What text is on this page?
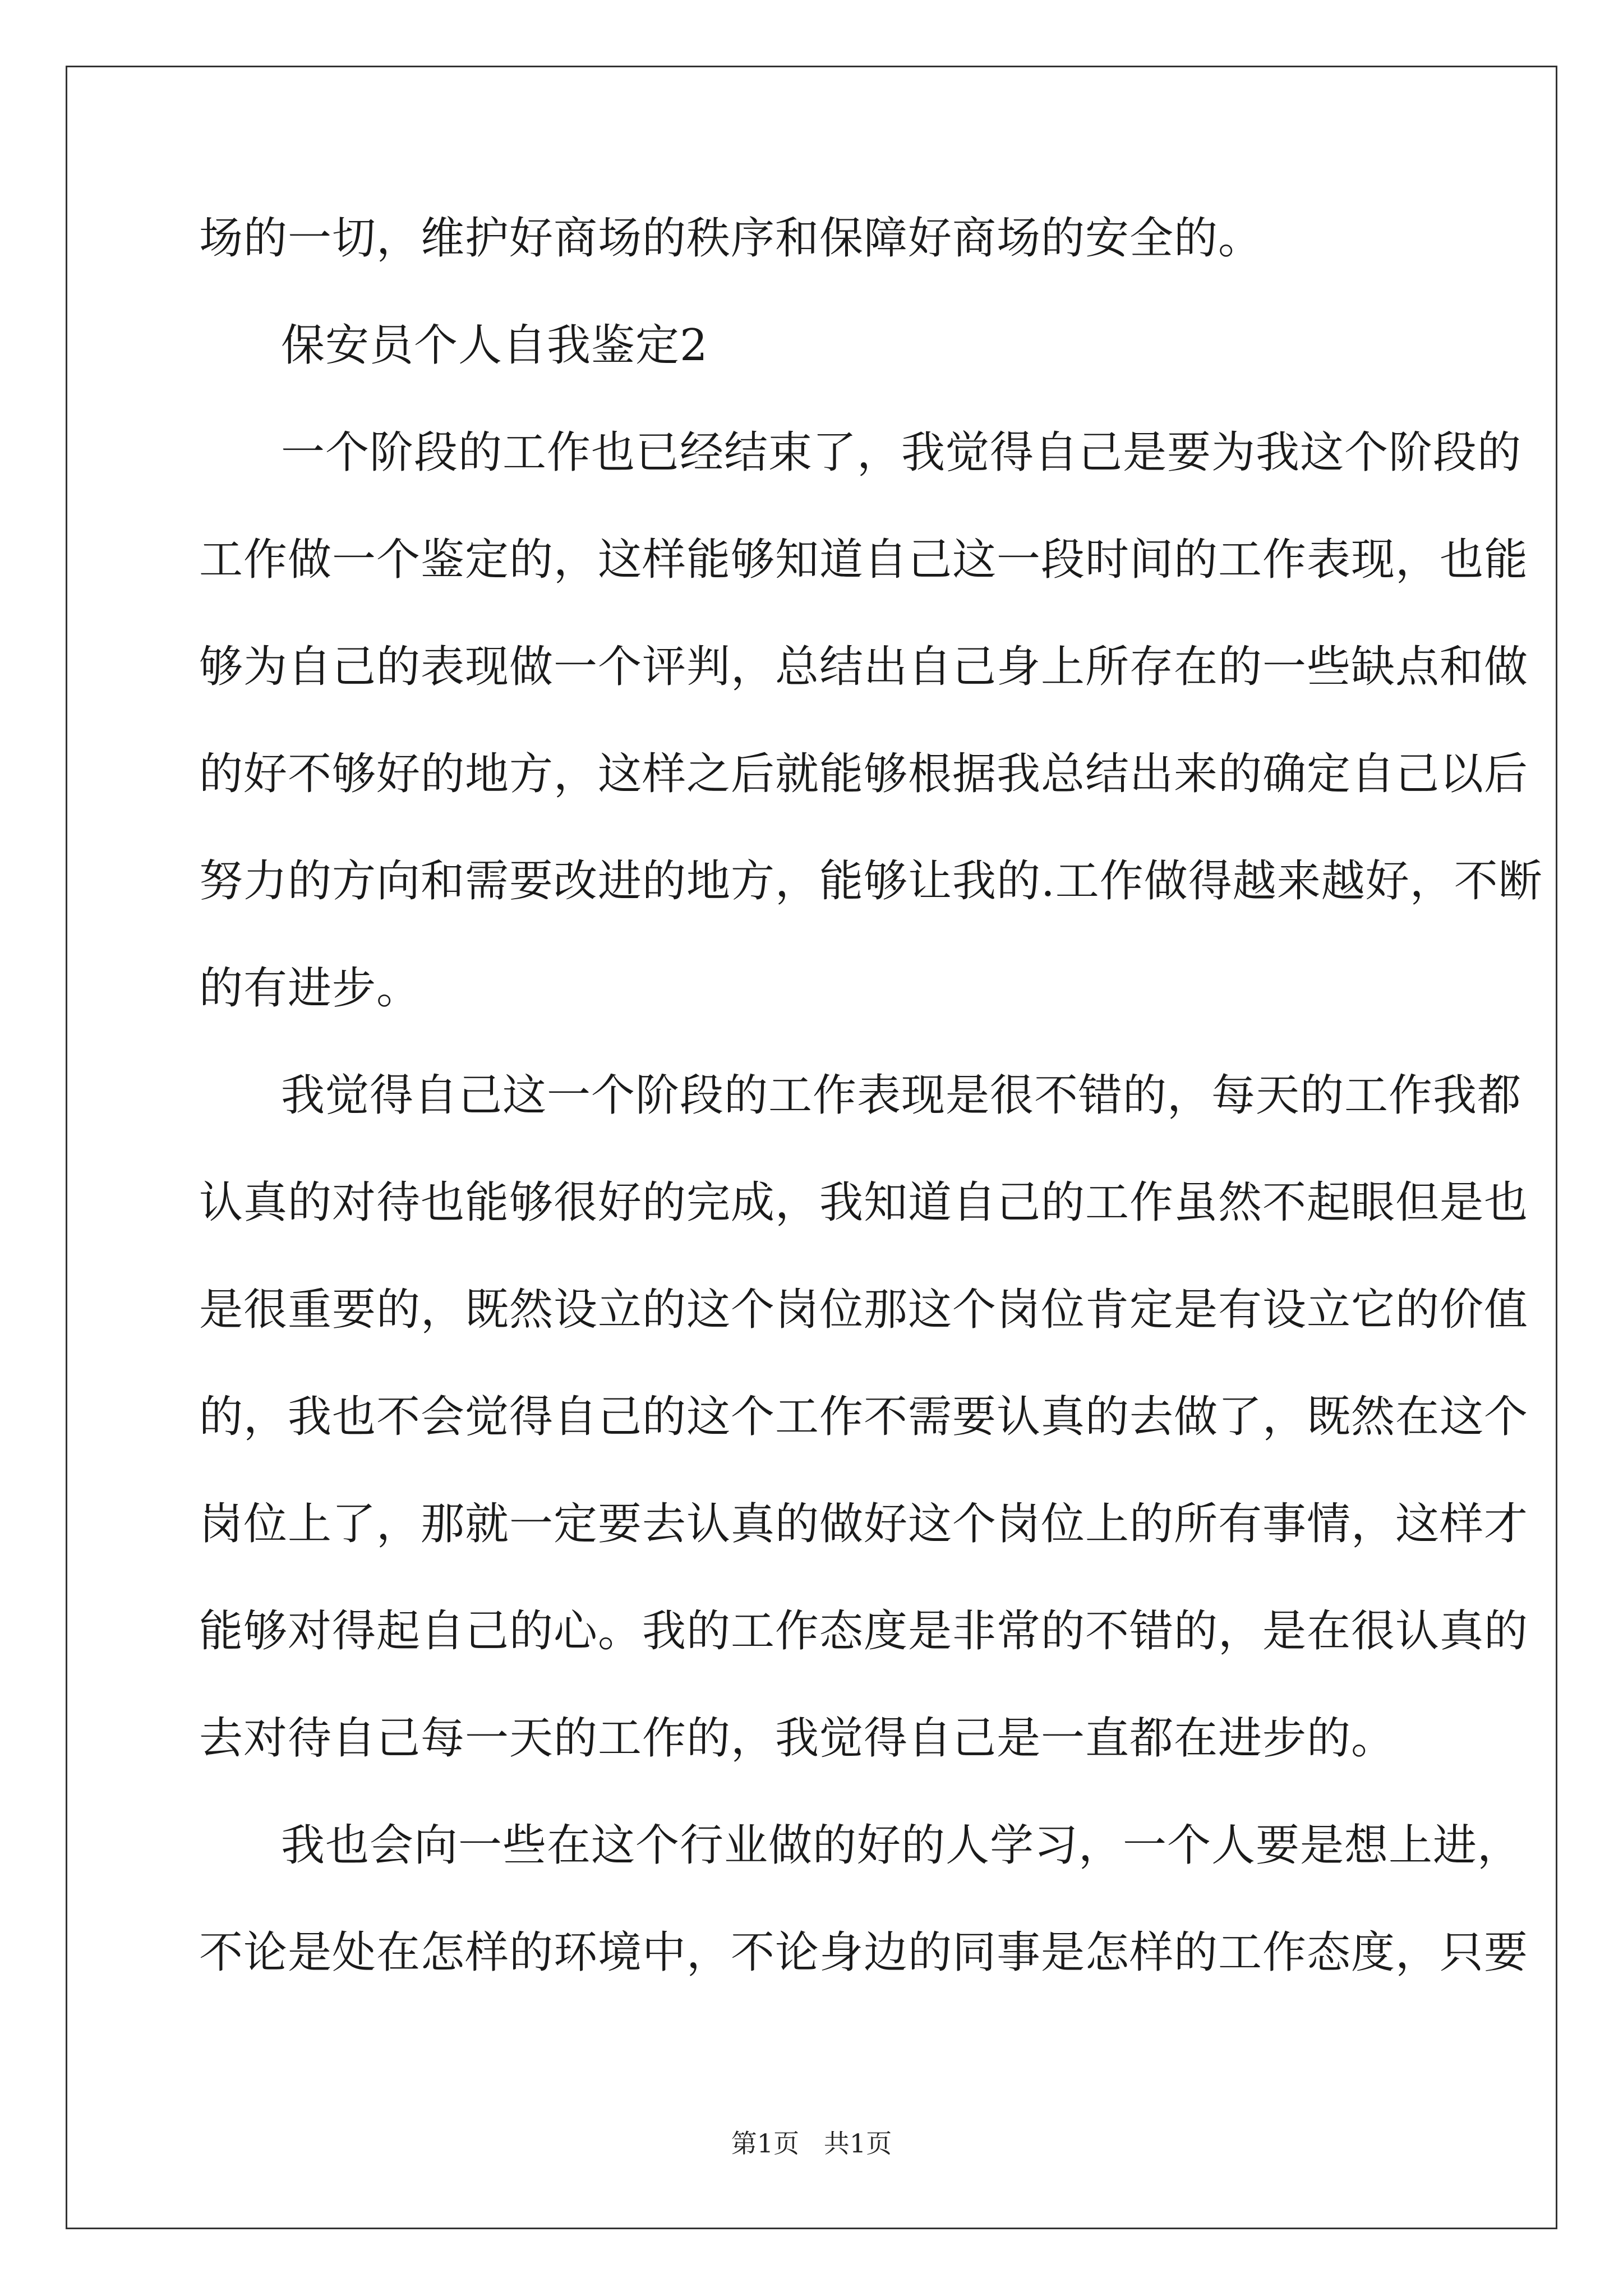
场的一切，维护好商场的秩序和保障好商场的安全的。
保安员个人自我鉴定2
一个阶段的工作也已经结束了，我觉得自己是要为我这个阶段的
工作做一个鉴定的，这样能够知道自己这一段时间的工作表现，也能
够为自己的表现做一个评判，总结出自己身上所存在的一些缺点和做
的好不够好的地方，这样之后就能够根据我总结出来的确定自己以后
努力的方向和需要改进的地方，能够让我的.工作做得越来越好，不断
的有进步。
我觉得自己这一个阶段的工作表现是很不错的，每天的工作我都
认真的对待也能够很好的完成，我知道自己的工作虽然不起眼但是也
是很重要的，既然设立的这个岗位那这个岗位肯定是有设立它的价值
的，我也不会觉得自己的这个工作不需要认真的去做了，既然在这个
岗位上了，那就一定要去认真的做好这个岗位上的所有事情，这样才
能够对得起自己的心。我的工作态度是非常的不错的，是在很认真的
去对待自己每一天的工作的，我觉得自己是一直都在进步的。
我也会向一些在这个行业做的好的人学习，一个人要是想上进，
不论是处在怎样的环境中，不论身边的同事是怎样的工作态度，只要
第1页   共1页
